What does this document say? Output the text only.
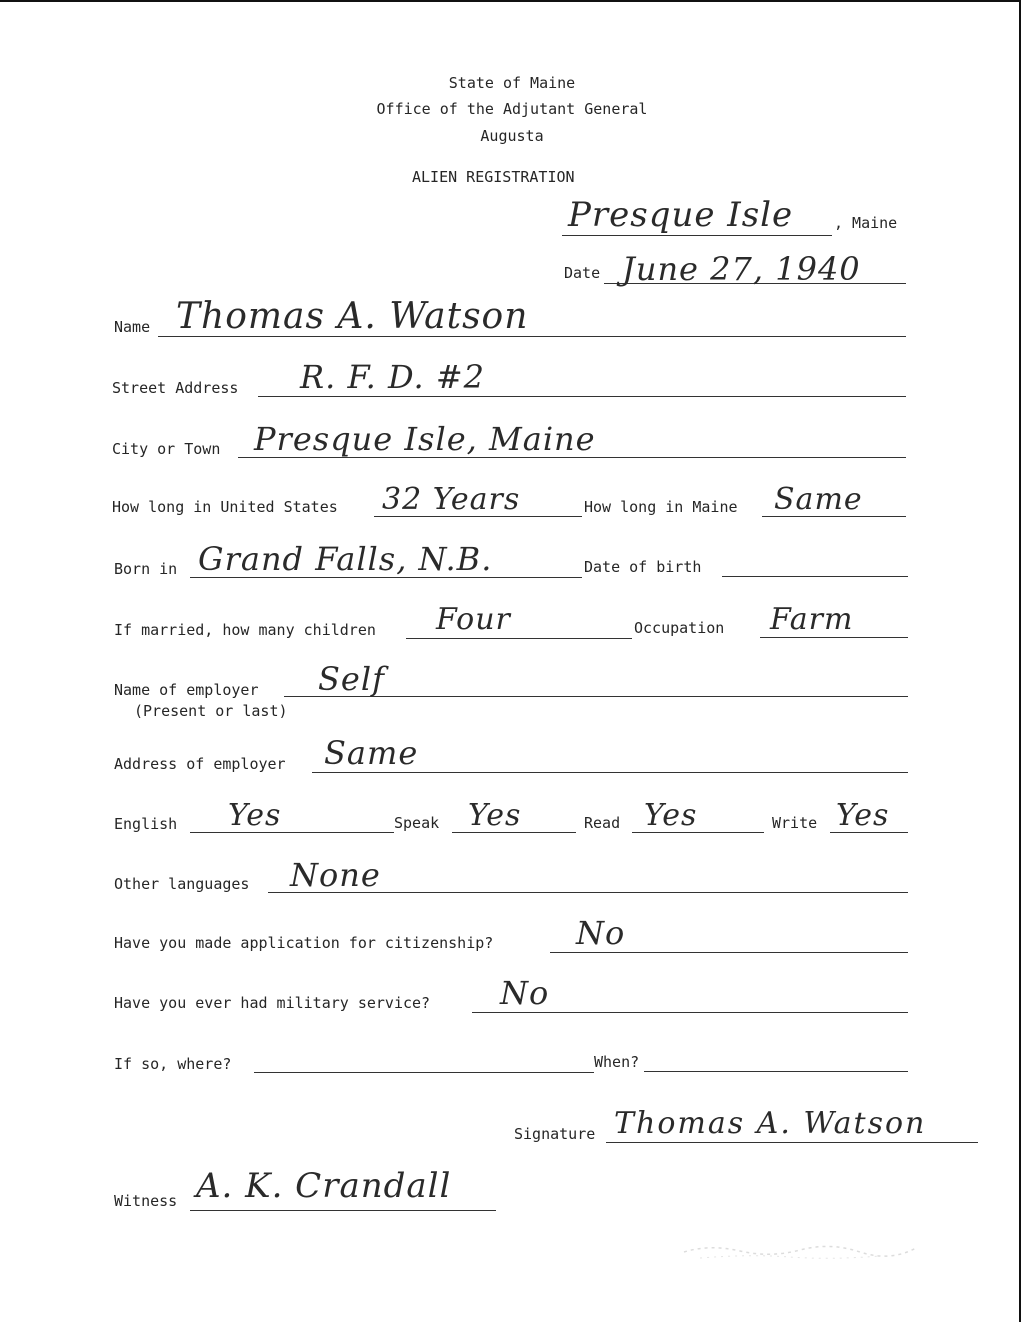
State of Maine
Office of the Adjutant General
Augusta
ALIEN REGISTRATION
Presque Isle	, Maine
Date June 27, 1940
Name Thomas A. Watson
Street Address R. F. D. #2
City or Town Presque Isle, Maine
How long in United States 32 Years	How long in Maine Same
Born in Grand Falls, N.B.	Date of birth
If married, how many children Four	Occupation Farm
Name of employer
(Present or last)
Self
Address of employer Same
English Yes	Speak Yes	Read Yes	Write Yes
Other languages None
Have you made application for citizenship?	No
Have you ever had military service? No
If so, where?	When?
Signature Thomas A. Watson
Witness A. K. Crandall
